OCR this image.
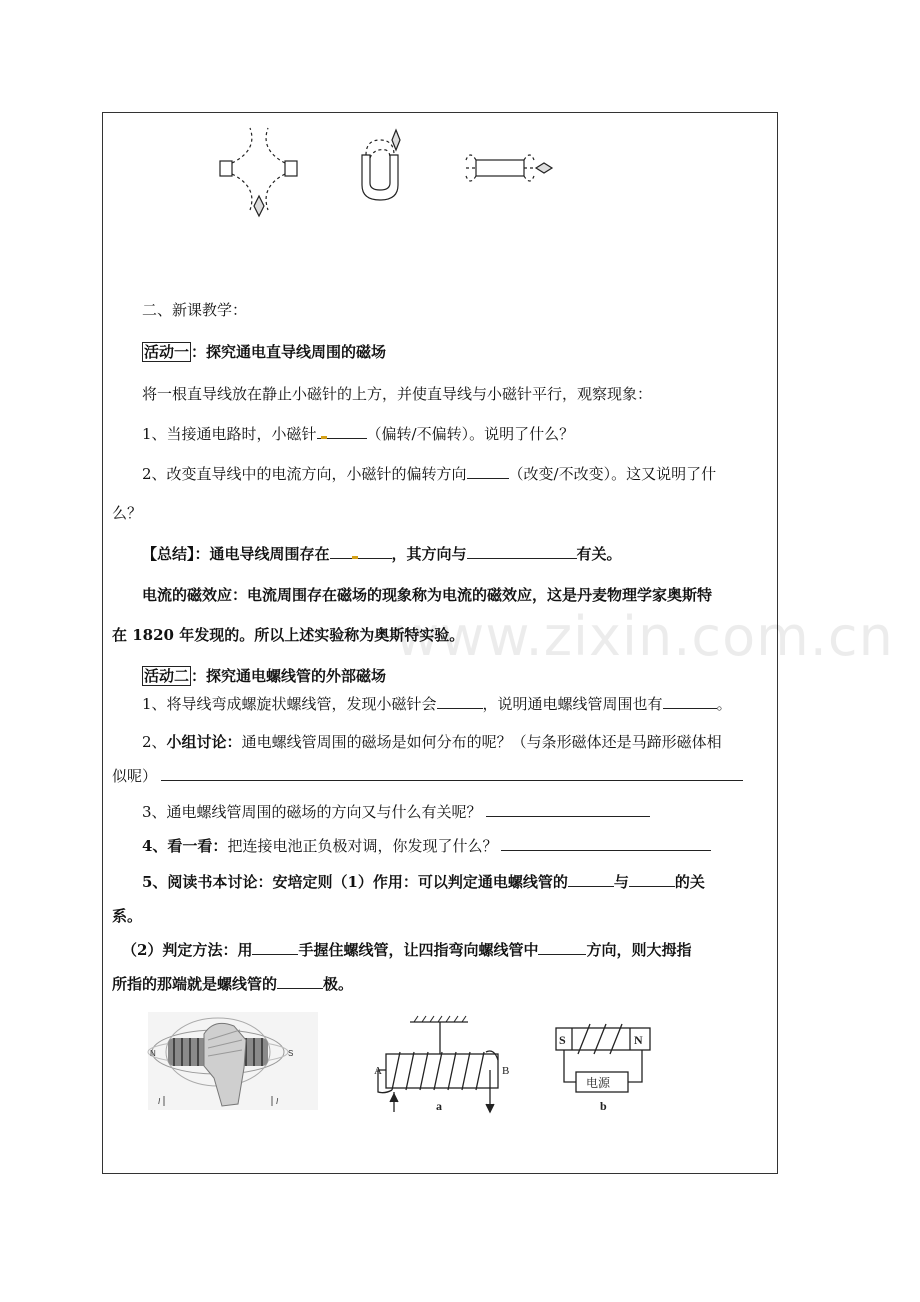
二、新课教学：
活动一 ：探究通电直导线周围的磁场
将一根直导线放在静止小磁针的上方，并使直导线与小磁针平行，观察现象：
1、当接通电路时，小磁针	（偏转/不偏转）。说明了什么？
2、改变直导线中的电流方向，小磁针的偏转方向	（改变/不改变）。这又说明了什
么？
【总结】：通电导线周围存在	，其方向与	有关。
电流的磁效应：电流周围存在磁场的现象称为电流的磁效应，这是丹麦物理学家奥斯特
在 1820 年发现的。所以上述实验称为奥斯特实验。
www.zixin.com.cn
活动二 ：探究通电螺线管的外部磁场
1、将导线弯成螺旋状螺线管，发现小磁针会	，说明通电螺线管周围也有	。
2、小组讨论：通电螺线管周围的磁场是如何分布的呢？（与条形磁体还是马蹄形磁体相
似呢）
3、通电螺线管周围的磁场的方向又与什么有关呢？
4、看一看：把连接电池正负极对调，你发现了什么？
5、阅读书本讨论：安培定则（1）作用：可以判定通电螺线管的	与	的关
系。
（2）判定方法：用	手握住螺线管，让四指弯向螺线管中	方向，则大拇指
所指的那端就是螺线管的	极。
N	S
I	I
A	B
a
S	N
电源
b
